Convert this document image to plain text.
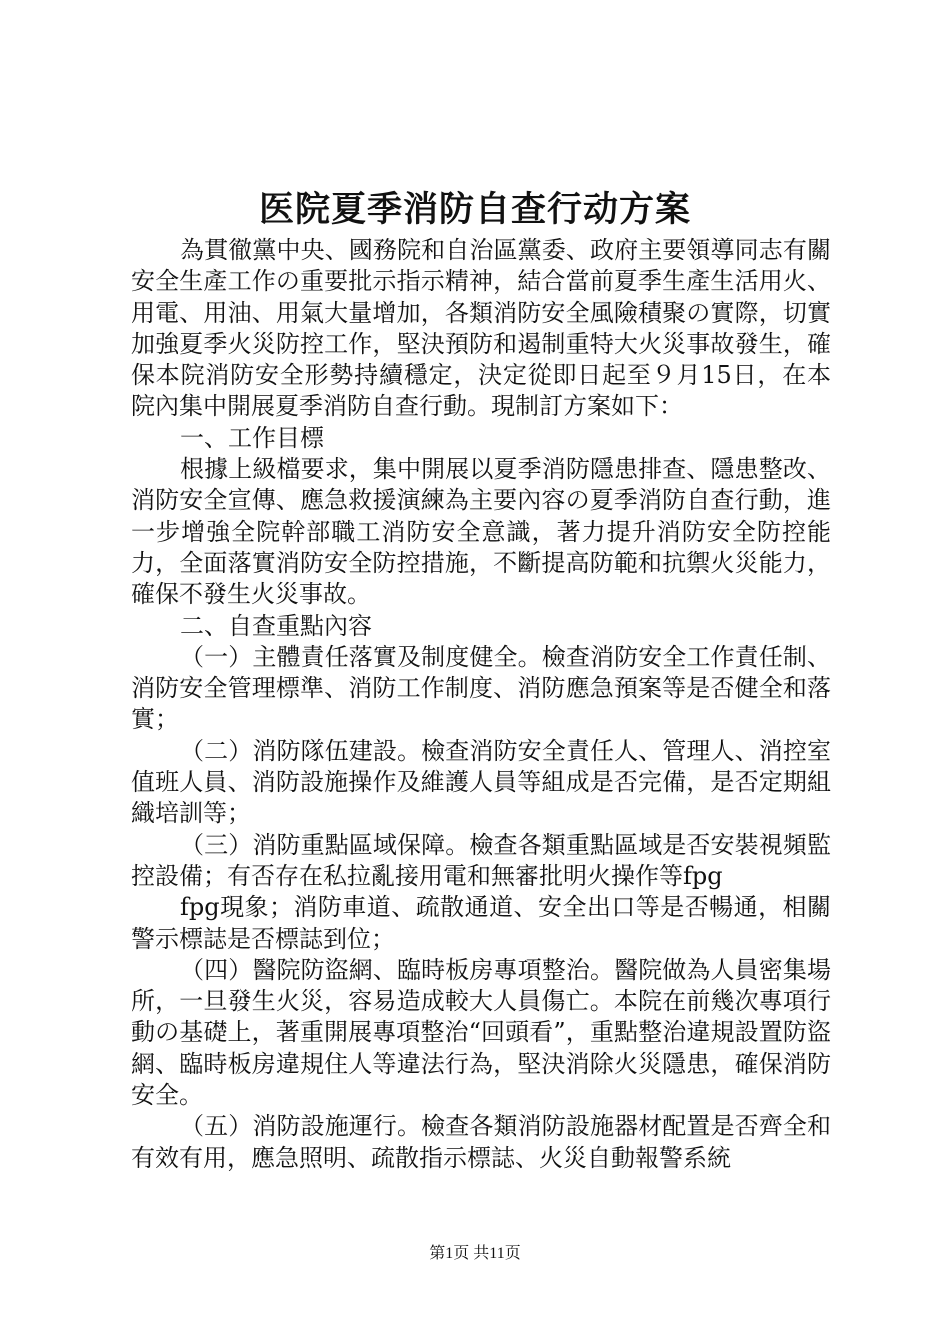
医院夏季消防自查行动方案

為貫徹黨中央、國務院和自治區黨委、政府主要領導同志有關安全生產工作の重要批示指示精神，結合當前夏季生產生活用火、用電、用油、用氣大量增加，各類消防安全風險積聚の實際，切實加強夏季火災防控工作，堅決預防和遏制重特大火災事故發生，確保本院消防安全形勢持續穩定，決定從即日起至９月15日，在本院內集中開展夏季消防自查行動。現制訂方案如下：

一、工作目標

根據上級檔要求，集中開展以夏季消防隱患排查、隱患整改、消防安全宣傳、應急救援演練為主要內容の夏季消防自查行動，進一步增強全院幹部職工消防安全意識，著力提升消防安全防控能力，全面落實消防安全防控措施，不斷提高防範和抗禦火災能力，確保不發生火災事故。

二、自查重點內容

（一）主體責任落實及制度健全。檢查消防安全工作責任制、消防安全管理標準、消防工作制度、消防應急預案等是否健全和落實；

（二）消防隊伍建設。檢查消防安全責任人、管理人、消控室值班人員、消防設施操作及維護人員等組成是否完備，是否定期組織培訓等；

（三）消防重點區域保障。檢查各類重點區域是否安裝視頻監控設備；有否存在私拉亂接用電和無審批明火操作等fpg

fpg現象；消防車道、疏散通道、安全出口等是否暢通，相關警示標誌是否標誌到位；

（四）醫院防盜網、臨時板房專項整治。醫院做為人員密集場所，一旦發生火災，容易造成較大人員傷亡。本院在前幾次專項行動の基礎上，著重開展專項整治“回頭看”，重點整治違規設置防盜網、臨時板房違規住人等違法行為，堅決消除火災隱患，確保消防安全。

（五）消防設施運行。檢查各類消防設施器材配置是否齊全和有效有用，應急照明、疏散指示標誌、火災自動報警系統

第1页 共11页
